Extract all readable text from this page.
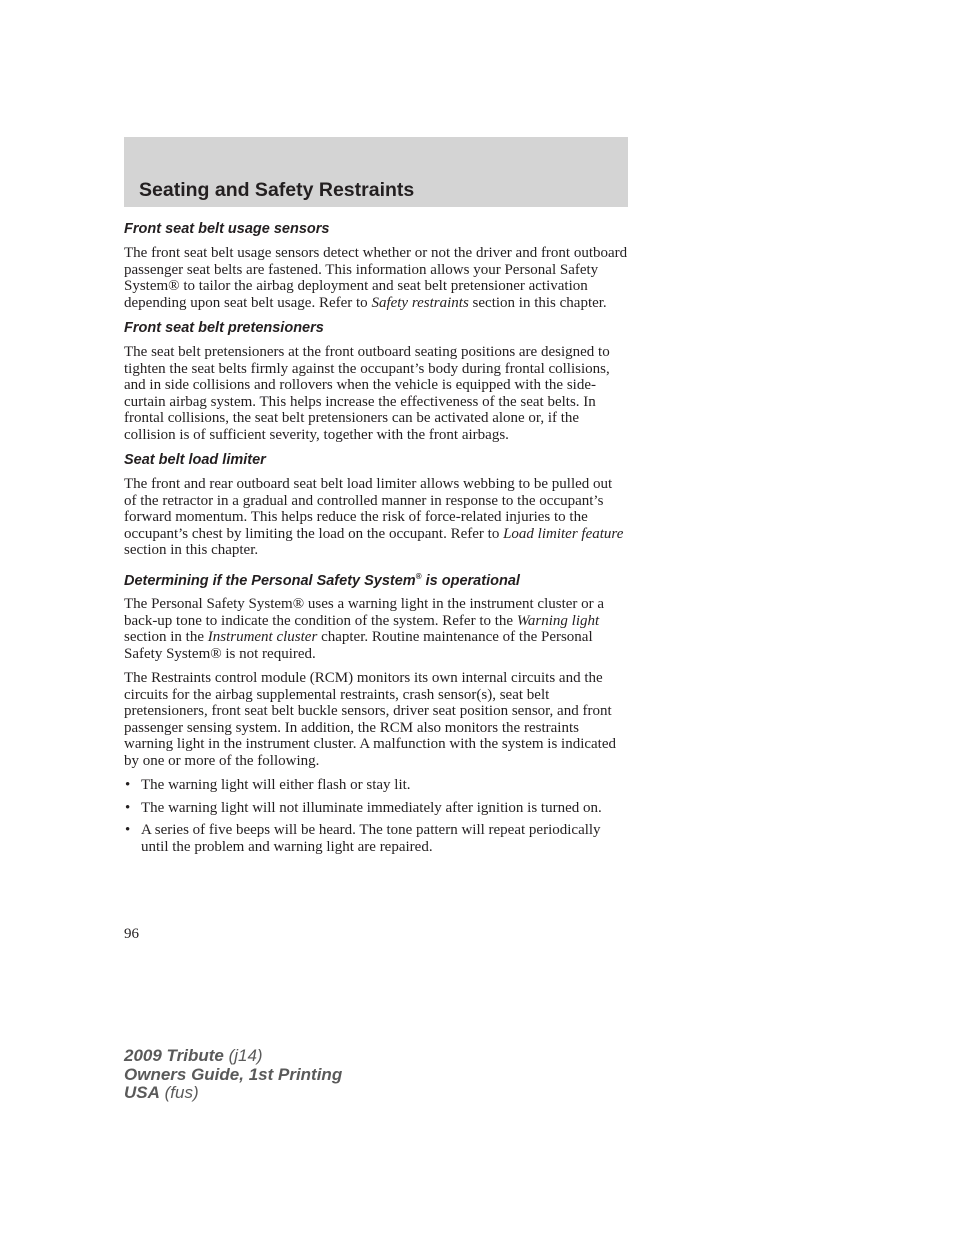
Seating and Safety Restraints
Front seat belt usage sensors

The front seat belt usage sensors detect whether or not the driver and front outboard passenger seat belts are fastened. This information allows your Personal Safety System® to tailor the airbag deployment and seat belt pretensioner activation depending upon seat belt usage. Refer to Safety restraints section in this chapter.

Front seat belt pretensioners

The seat belt pretensioners at the front outboard seating positions are designed to tighten the seat belts firmly against the occupant’s body during frontal collisions, and in side collisions and rollovers when the vehicle is equipped with the side-curtain airbag system. This helps increase the effectiveness of the seat belts. In frontal collisions, the seat belt pretensioners can be activated alone or, if the collision is of sufficient severity, together with the front airbags.

Seat belt load limiter

The front and rear outboard seat belt load limiter allows webbing to be pulled out of the retractor in a gradual and controlled manner in response to the occupant’s forward momentum. This helps reduce the risk of force-related injuries to the occupant’s chest by limiting the load on the occupant. Refer to Load limiter feature section in this chapter.

Determining if the Personal Safety System® is operational

The Personal Safety System® uses a warning light in the instrument cluster or a back-up tone to indicate the condition of the system. Refer to the Warning light section in the Instrument cluster chapter. Routine maintenance of the Personal Safety System® is not required.

The Restraints control module (RCM) monitors its own internal circuits and the circuits for the airbag supplemental restraints, crash sensor(s), seat belt pretensioners, front seat belt buckle sensors, driver seat position sensor, and front passenger sensing system. In addition, the RCM also monitors the restraints warning light in the instrument cluster. A malfunction with the system is indicated by one or more of the following.

• The warning light will either flash or stay lit.
• The warning light will not illuminate immediately after ignition is turned on.
• A series of five beeps will be heard. The tone pattern will repeat periodically until the problem and warning light are repaired.
96
2009 Tribute (j14)
Owners Guide, 1st Printing
USA (fus)
